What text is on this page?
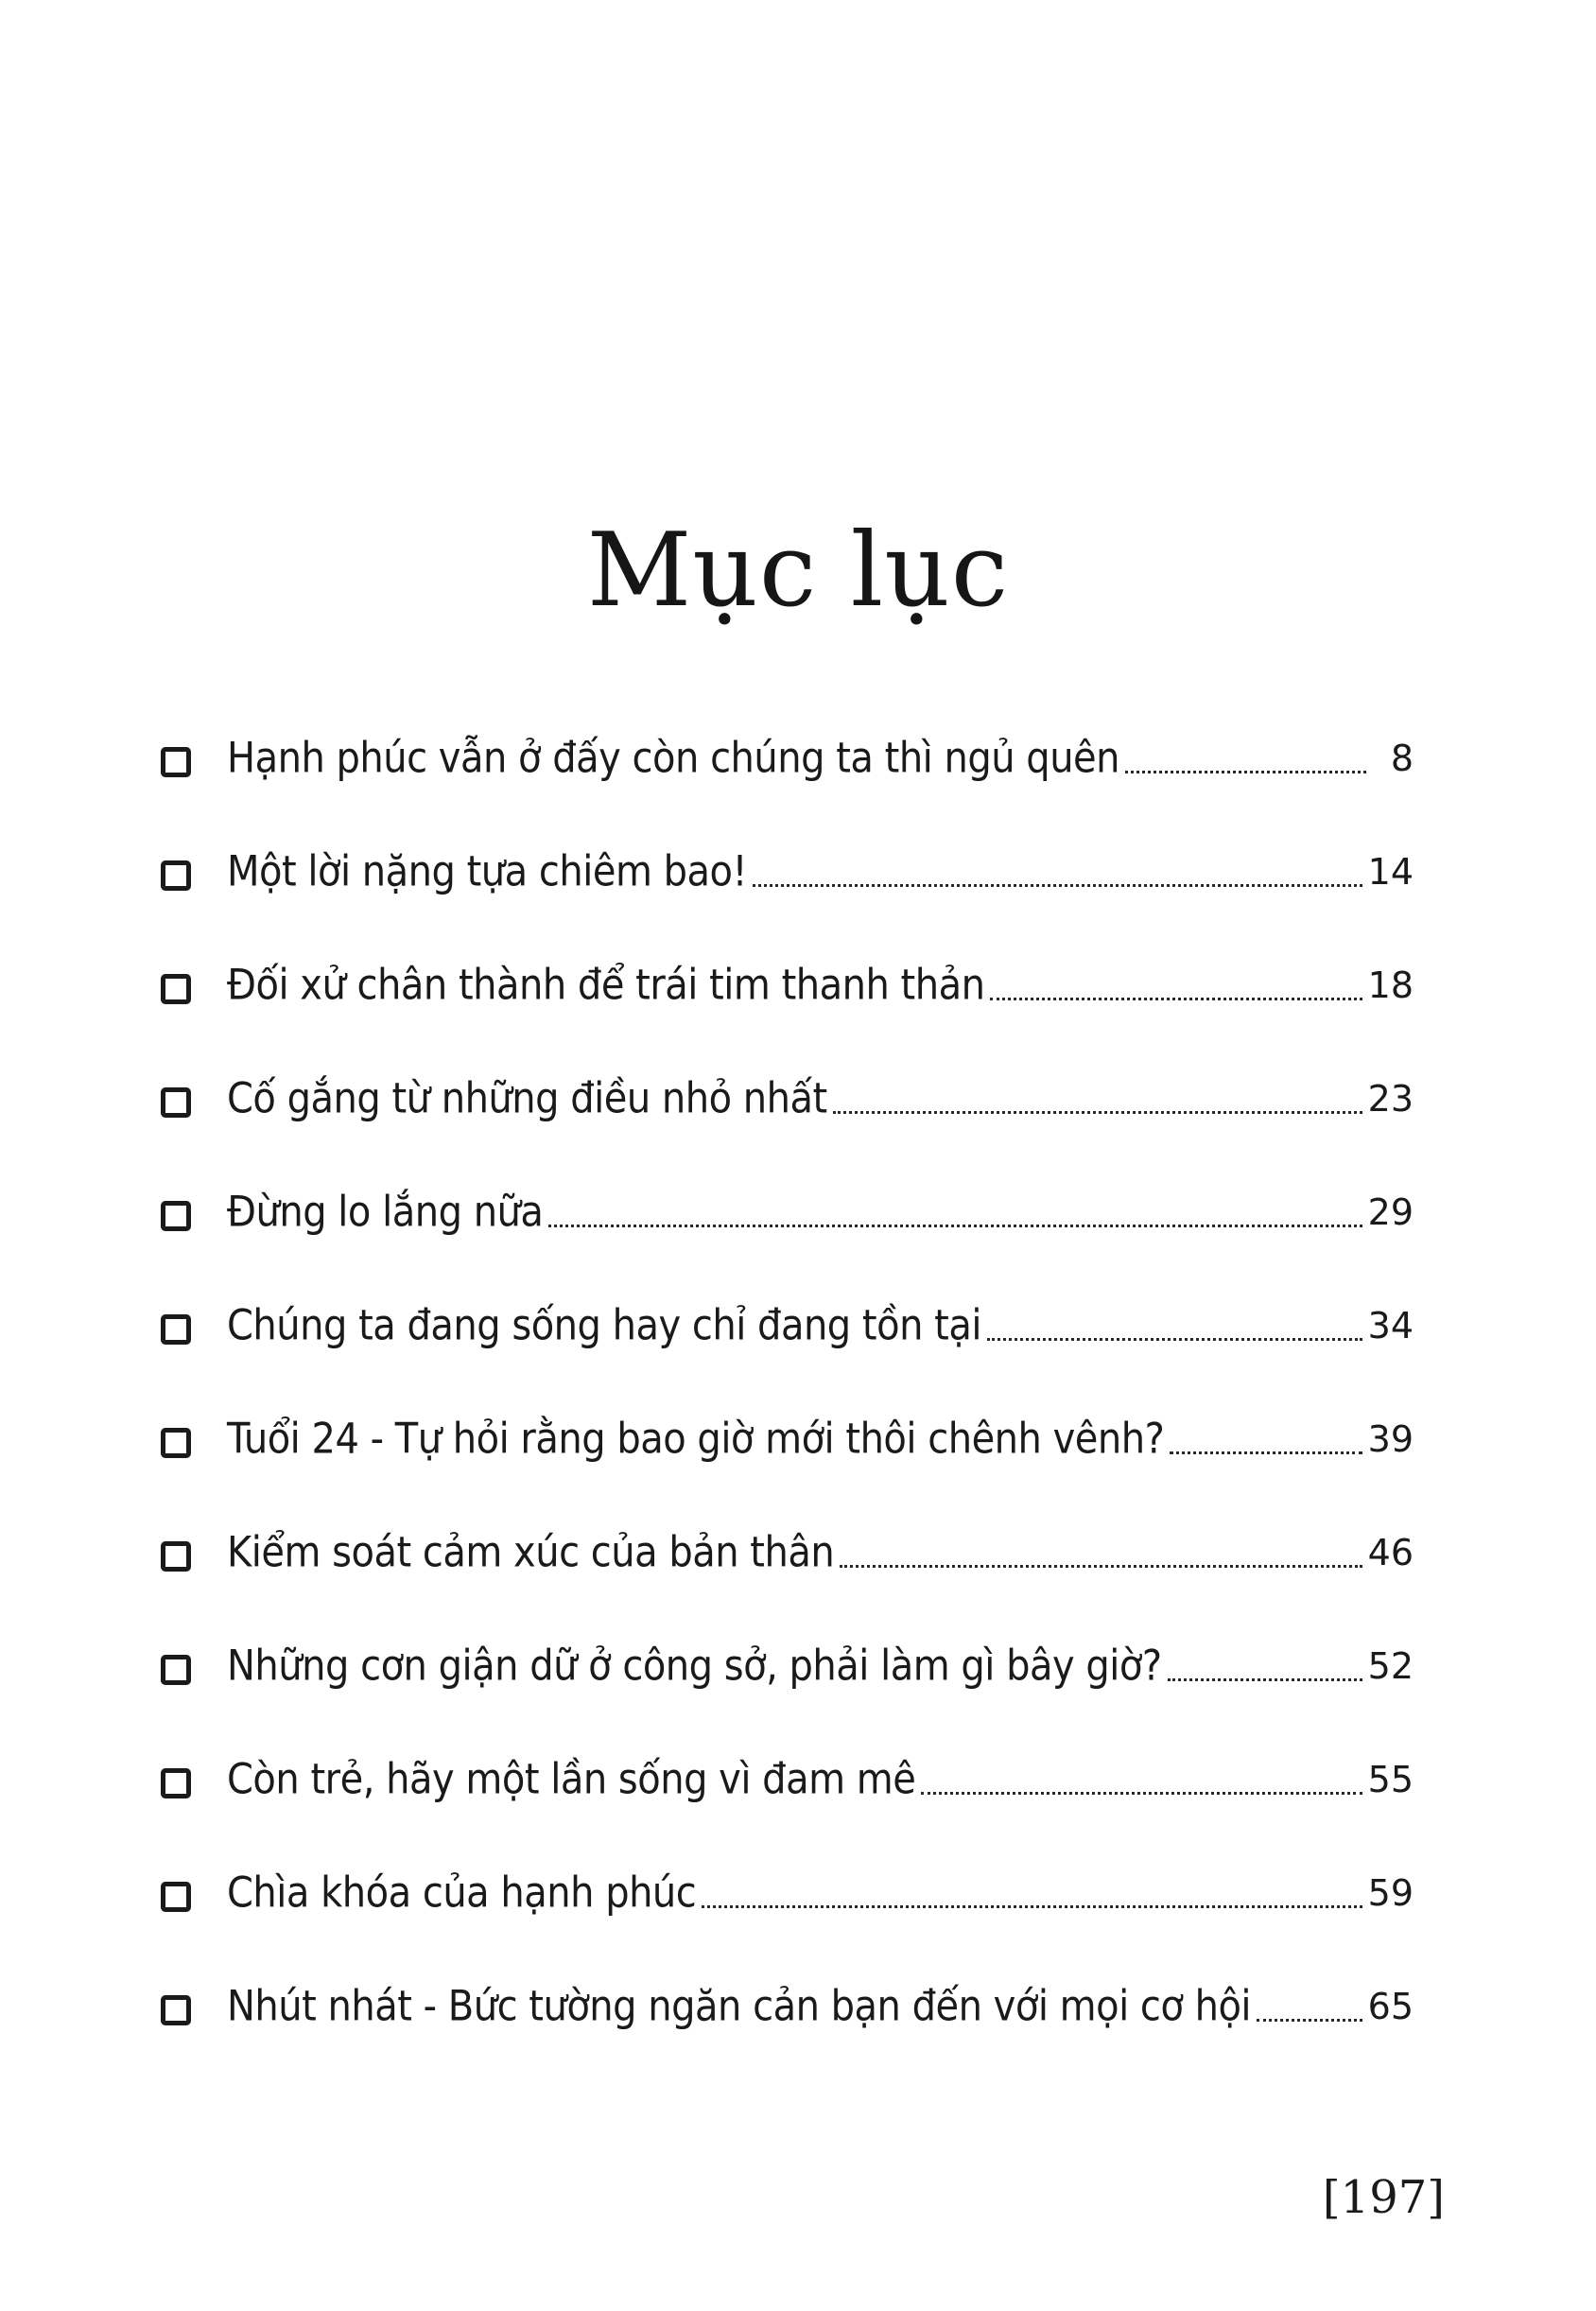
Mục lục
Hạnh phúc vẫn ở đấy còn chúng ta thì ngủ quên	8
Một lời nặng tựa chiêm bao!	14
Đối xử chân thành để trái tim thanh thản	18
Cố gắng từ những điều nhỏ nhất	23
Đừng lo lắng nữa	29
Chúng ta đang sống hay chỉ đang tồn tại	34
Tuổi 24 - Tự hỏi rằng bao giờ mới thôi chênh vênh?	39
Kiểm soát cảm xúc của bản thân	46
Những cơn giận dữ ở công sở, phải làm gì bây giờ?	52
Còn trẻ, hãy một lần sống vì đam mê	55
Chìa khóa của hạnh phúc	59
Nhút nhát - Bức tường ngăn cản bạn đến với mọi cơ hội	65
[197]
